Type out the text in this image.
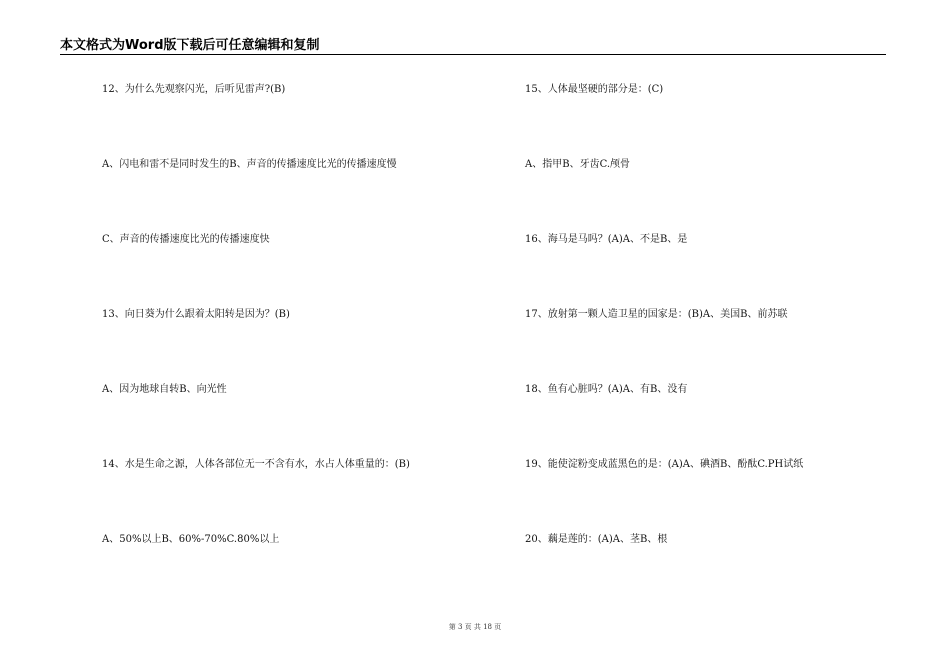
本文格式为Word版下载后可任意编辑和复制
12、为什么先观察闪光，后听见雷声?(B)
A、闪电和雷不是同时发生的B、声音的传播速度比光的传播速度慢
C、声音的传播速度比光的传播速度快
13、向日葵为什么跟着太阳转是因为？(B)
A、因为地球自转B、向光性
14、水是生命之源，人体各部位无一不含有水，水占人体重量的：(B)
A、50%以上B、60%-70%C.80%以上
15、人体最坚硬的部分是：(C)
A、指甲B、牙齿C.颅骨
16、海马是马吗？(A)A、不是B、是
17、放射第一颗人造卫星的国家是：(B)A、美国B、前苏联
18、鱼有心脏吗？(A)A、有B、没有
19、能使淀粉变成蓝黑色的是：(A)A、碘酒B、酚酞C.PH试纸
20、藕是莲的：(A)A、茎B、根
第 3 页 共 18 页
